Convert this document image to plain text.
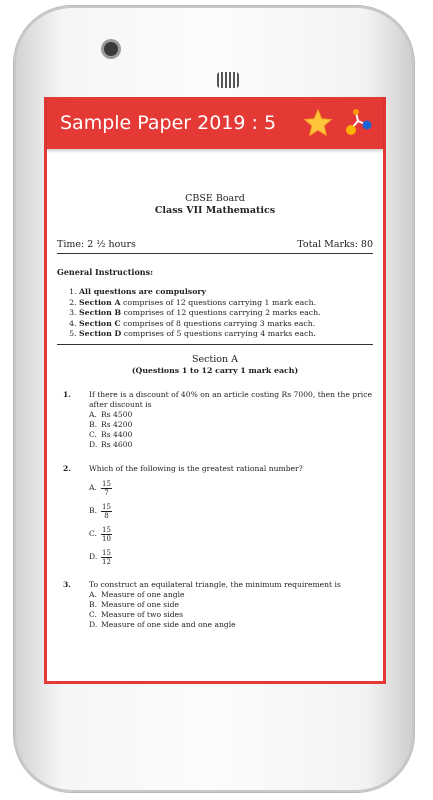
Sample Paper 2019 : 5
CBSE Board
Class VII Mathematics
Time: 2 ½ hours	Total Marks: 80
General Instructions:
1. All questions are compulsory
2. Section A comprises of 12 questions carrying 1 mark each.
3. Section B comprises of 12 questions carrying 2 marks each.
4. Section C comprises of 8 questions carrying 3 marks each.
5. Section D comprises of 5 questions carrying 4 marks each.
Section A
(Questions 1 to 12 carry 1 mark each)
1.	If there is a discount of 40% on an article costing Rs 7000, then the price after discount is
A. Rs 4500
B. Rs 4200
C. Rs 4400
D. Rs 4600
2.	Which of the following is the greatest rational number?
A. $\frac{15}{7}$
B. $\frac{15}{8}$
C. $\frac{15}{10}$
D. $\frac{15}{12}$
3.	To construct an equilateral triangle, the minimum requirement is
A. Measure of one angle
B. Measure of one side
C. Measure of two sides
D. Measure of one side and one angle
